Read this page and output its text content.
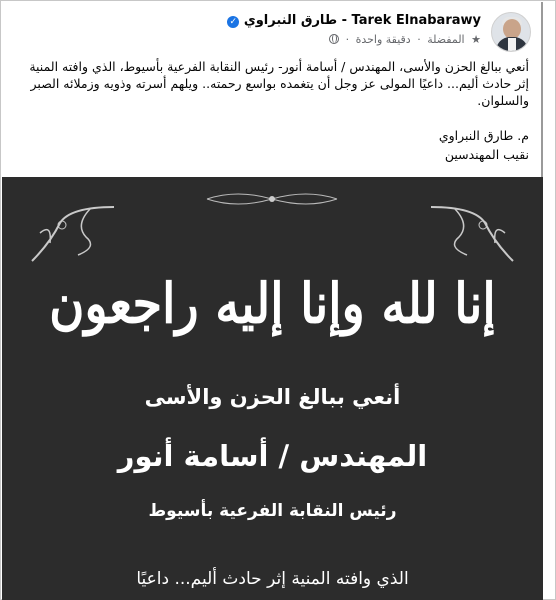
Tarek Elnabarawy - طارق النبراوي ✓
★ المفضلة · دقيقة واحدة ·
أنعي ببالغ الحزن والأسى، المهندس / أسامة أنور- رئيس النقابة الفرعية بأسيوط، الذي وافته المنية إثر حادث أليم... داعيًا المولى عز وجل أن يتغمده بواسع رحمته.. ويلهم أسرته وذويه وزملائه الصبر والسلوان.
م. طارق النبراوي
نقيب المهندسين
إنا لله وإنا إليه راجعون
أنعي ببالغ الحزن والأسى
المهندس / أسامة أنور
رئيس النقابة الفرعية بأسيوط
الذي وافته المنية إثر حادث أليم... داعيًا
